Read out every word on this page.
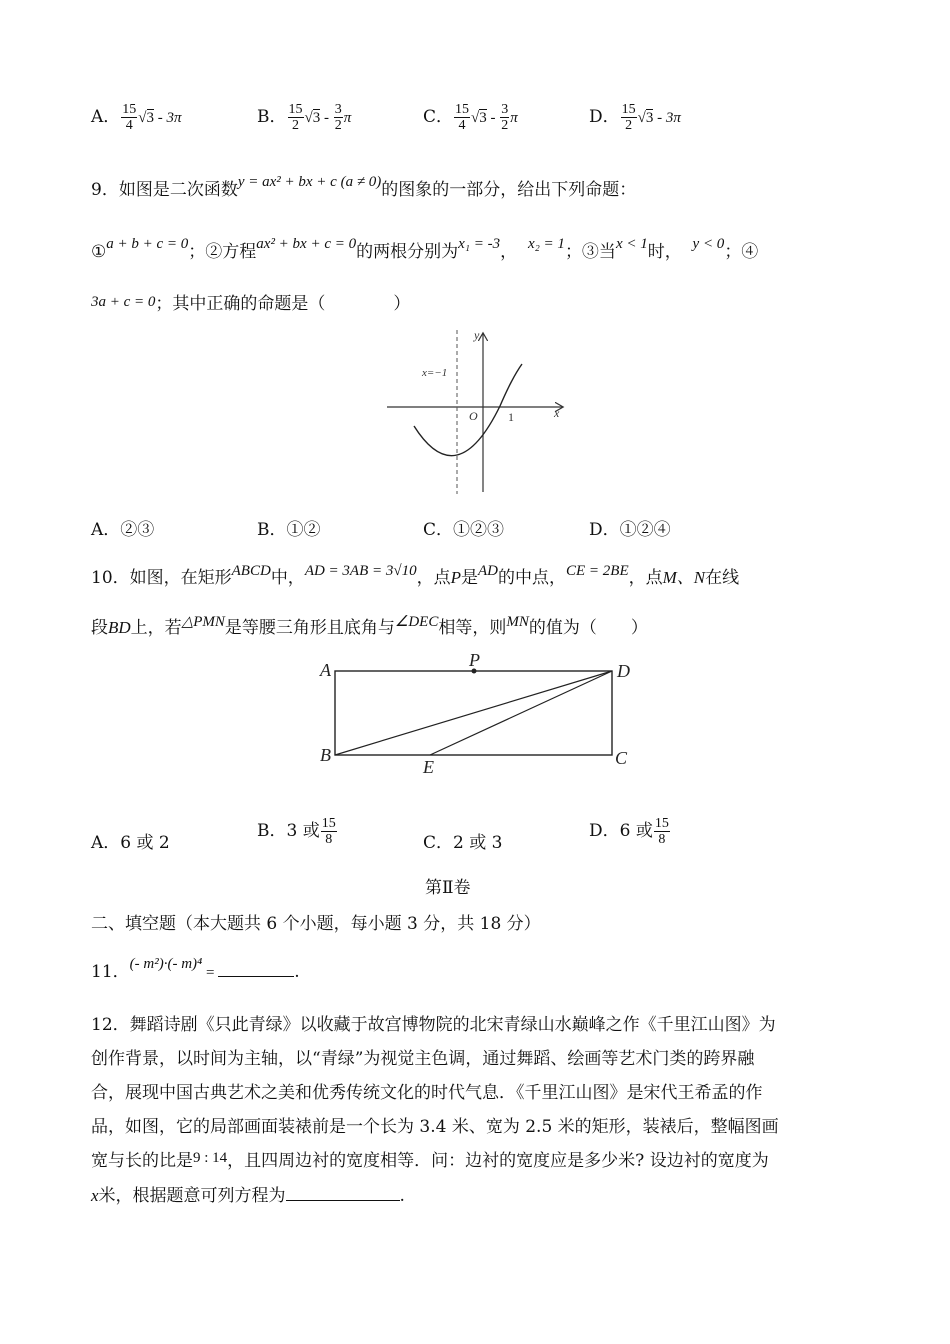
A． $\frac{15}{4} √3 - 3\pi$	B． $\frac{15}{2} √3 - \frac{3}{2}$ π	C． $\frac{15}{4} √3 - \frac{3}{2}$ π	D． $\frac{15}{2} √3 - 3\pi$
9．如图是二次函数y = ax² + bx + c (a ≠ 0)的图象的一部分，给出下列命题：
①a + b + c = 0；②方程ax² + bx + c = 0的两根分别为x₁ = -3， x₂ = 1；③当x < 1时， y < 0；④
3a + c = 0；其中正确的命题是（　　　　）
x=−1
O	1	x
y
A．②③	B．①②	C．①②③	D．①②④
10．如图，在矩形ABCD中，AD = 3AB = 3√10，点P是AD的中点，CE = 2BE，点M、N在线
段BD上，若△PMN是等腰三角形且底角与∠DEC相等，则MN的值为（　　）
A	P
D
B
E	C
A．6 或 2
B．3 或 $\frac{15}{8}$	C．2 或 3
D．6 或 $\frac{15}{8}$
第Ⅱ卷
二、填空题（本大题共 6 个小题，每小题 3 分，共 18 分）
11．(- m²)·(- m)⁴ =	.
12．舞蹈诗剧《只此青绿》以收藏于故宫博物院的北宋青绿山水巅峰之作《千里江山图》为
创作背景，以时间为主轴，以“青绿”为视觉主色调，通过舞蹈、绘画等艺术门类的跨界融
合，展现中国古典艺术之美和优秀传统文化的时代气息．《千里江山图》是宋代王希孟的作
品，如图，它的局部画面装裱前是一个长为 3.4 米、宽为 2.5 米的矩形，装裱后，整幅图画
宽与长的比是9 : 14，且四周边衬的宽度相等．问：边衬的宽度应是多少米? 设边衬的宽度为
x米，根据题意可列方程为	.
